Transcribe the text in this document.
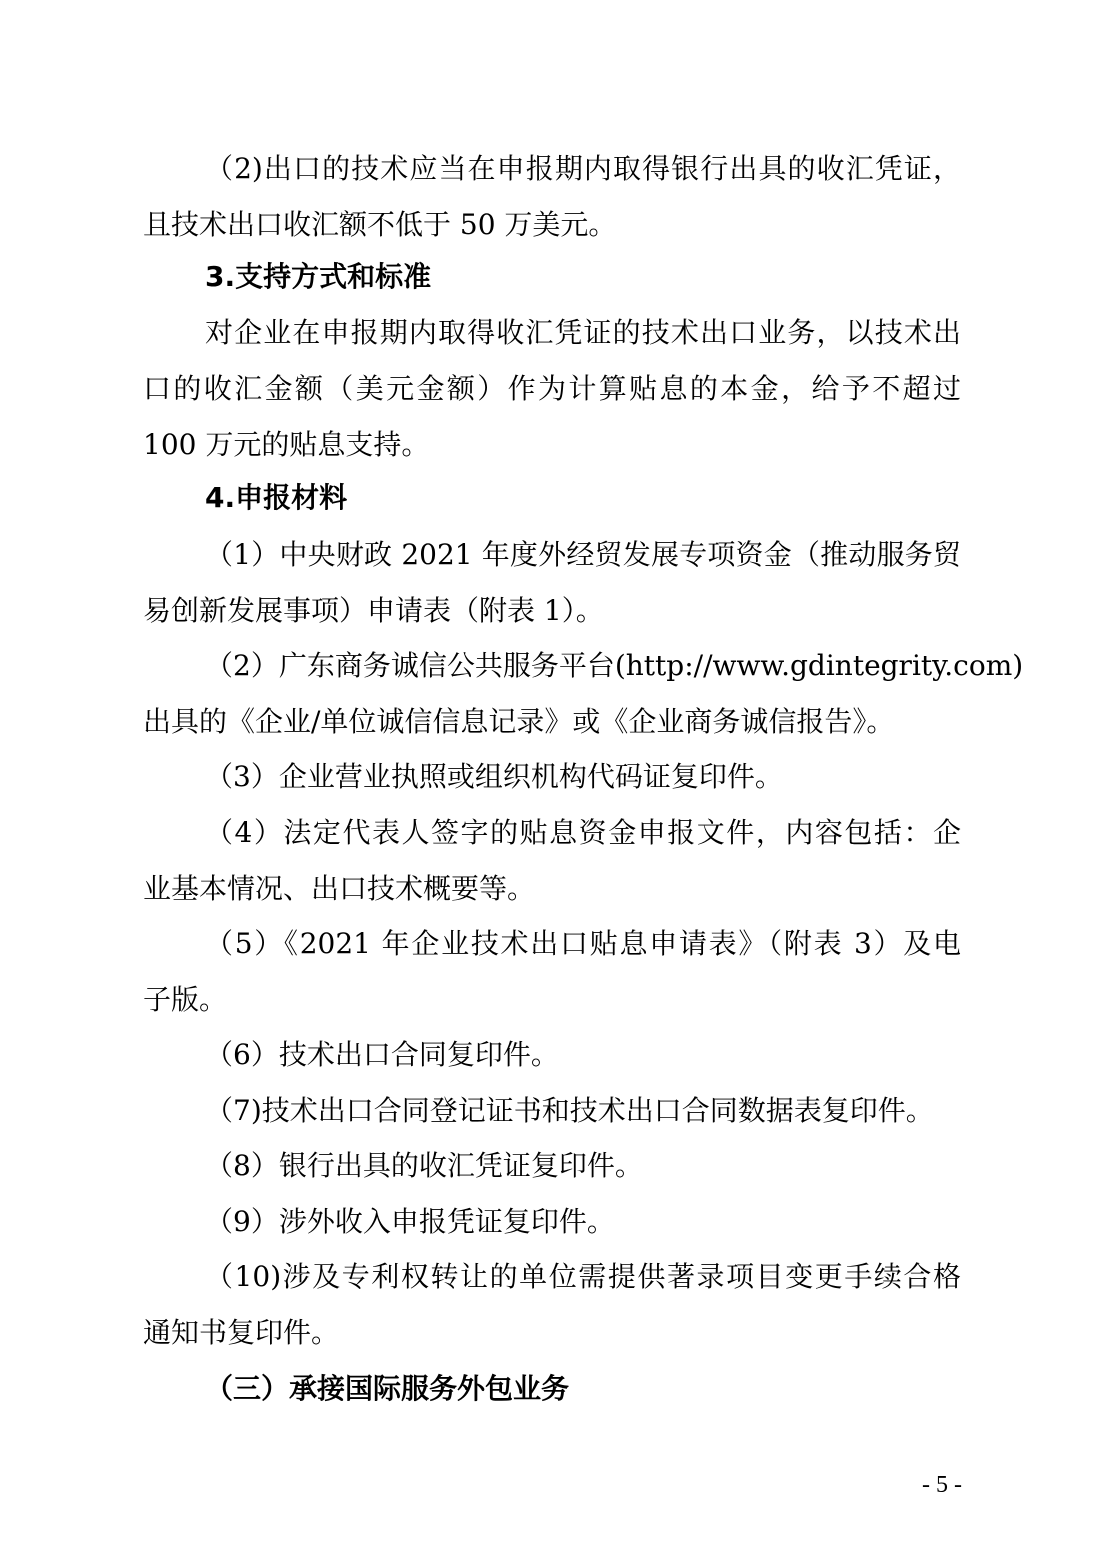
（2)出口的技术应当在申报期内取得银行出具的收汇凭证，
且技术出口收汇额不低于 50 万美元。
3.支持方式和标准
对企业在申报期内取得收汇凭证的技术出口业务，以技术出
口的收汇金额（美元金额）作为计算贴息的本金，给予不超过
100 万元的贴息支持。
4.申报材料
（1）中央财政 2021 年度外经贸发展专项资金（推动服务贸
易创新发展事项）申请表（附表 1）。
（2）广东商务诚信公共服务平台(http://www.gdintegrity.com)
出具的《企业/单位诚信信息记录》或《企业商务诚信报告》。
（3）企业营业执照或组织机构代码证复印件。
（4）法定代表人签字的贴息资金申报文件，内容包括：企
业基本情况、出口技术概要等。
（5）《2021 年企业技术出口贴息申请表》（附表 3）及电
子版。
（6）技术出口合同复印件。
（7)技术出口合同登记证书和技术出口合同数据表复印件。
（8）银行出具的收汇凭证复印件。
（9）涉外收入申报凭证复印件。
（10)涉及专利权转让的单位需提供著录项目变更手续合格
通知书复印件。
（三）承接国际服务外包业务
- 5 -
